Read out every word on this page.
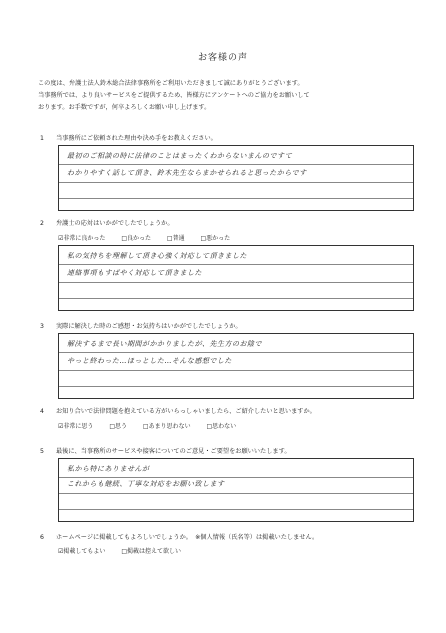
お客様の声
この度は、弁護士法人鈴木総合法律事務所をご利用いただきまして誠にありがとうございます。
当事務所では、より良いサービスをご提供するため、皆様方にアンケートへのご協力をお願いして
おります。お手数ですが，何卒よろしくお願い申し上げます。
1 当事務所にご依頼された理由や決め手をお教えください。
最初のご相談の時に法律のことはまったくわからないまんのですて
わかりやすく話して頂き、鈴木先生ならまかせられると思ったからです
2 弁護士の応対はいかがでしたでしょうか。
☑非常に良かった	□良かった	□普通	□悪かった
私の気持ちを理解して頂き心強く対応して頂きました
連絡事項もすばやく対応して頂きました
3 実際に解決した時のご感想・お気持ちはいかがでしたでしょうか。
解決するまで長い期間がかかりましたが、先生方のお陰で
やっと終わった…ほっとした…そんな感想でした
4 お知り合いで法律問題を抱えている方がいらっしゃいましたら、ご紹介したいと思いますか。
☑非常に思う	□思う	□あまり思わない	□思わない
5 最後に、当事務所のサービスや接客についてのご意見・ご要望をお願いいたします。
私から特にありませんが
これからも継続、丁寧な対応をお願い致します
6 ホームページに掲載してもよろしいでしょうか。　※個人情報（氏名等）は掲載いたしません。
☑掲載してもよい	□掲載は控えて欲しい
